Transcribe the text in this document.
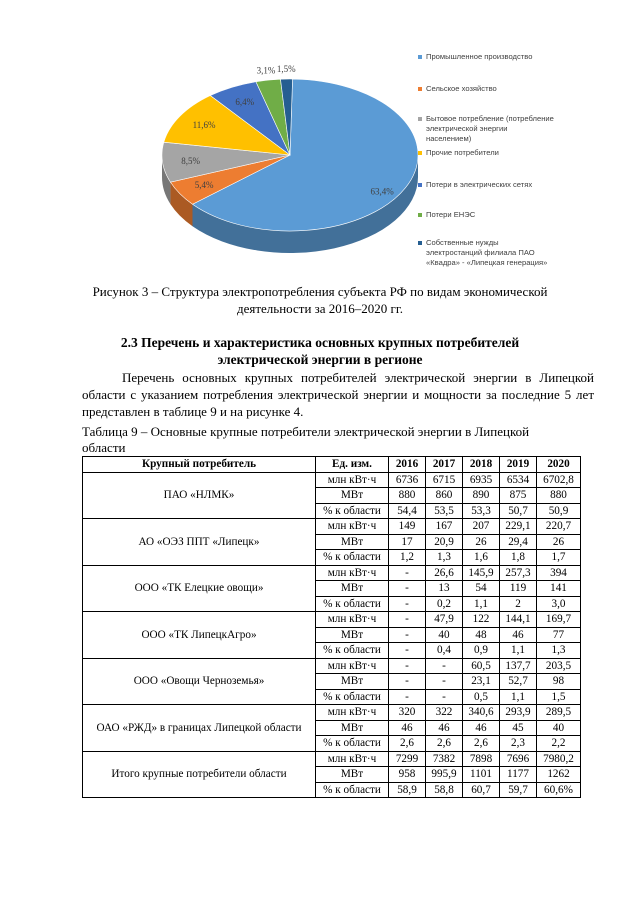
63,4%
5,4%
8,5%
11,6%
6,4%
3,1% 1,5%
Промышленное производство
Сельское хозяйство
Бытовое потребление (потребление
электрической энергии
населением)
Прочие потребители
Потери в электрических сетях
Потери ЕНЭС
Собственные нужды
электростанций филиала ПАО
«Квадра» - «Липецкая генерация»
Рисунок 3 – Структура электропотребления субъекта РФ по видам экономической
деятельности за 2016–2020 гг.
2.3 Перечень и характеристика основных крупных потребителей
электрической энергии в регионе
Перечень основных крупных потребителей электрической энергии в Липецкой области с указанием потребления электрической энергии и мощности за последние 5 лет представлен в таблице 9 и на рисунке 4.
Таблица 9 – Основные крупные потребители электрической энергии в Липецкой
области
Крупный потребитель	Ед. изм.	2016	2017	2018	2019	2020
ПАО «НЛМК»	млн кВт·ч	6736	6715	6935	6534	6702,8
	МВт	880	860	890	875	880
	% к области	54,4	53,5	53,3	50,7	50,9
АО «ОЭЗ ППТ «Липецк»	млн кВт·ч	149	167	207	229,1	220,7
	МВт	17	20,9	26	29,4	26
	% к области	1,2	1,3	1,6	1,8	1,7
ООО «ТК Елецкие овощи»	млн кВт·ч	-	26,6	145,9	257,3	394
	МВт	-	13	54	119	141
	% к области	-	0,2	1,1	2	3,0
ООО «ТК ЛипецкАгро»	млн кВт·ч	-	47,9	122	144,1	169,7
	МВт	-	40	48	46	77
	% к области	-	0,4	0,9	1,1	1,3
ООО «Овощи Черноземья»	млн кВт·ч	-	-	60,5	137,7	203,5
	МВт	-	-	23,1	52,7	98
	% к области	-	-	0,5	1,1	1,5
ОАО «РЖД» в границах Липецкой области	млн кВт·ч	320	322	340,6	293,9	289,5
	МВт	46	46	46	45	40
	% к области	2,6	2,6	2,6	2,3	2,2
Итого крупные потребители области	млн кВт·ч	7299	7382	7898	7696	7980,2
	МВт	958	995,9	1101	1177	1262
	% к области	58,9	58,8	60,7	59,7	60,6%
